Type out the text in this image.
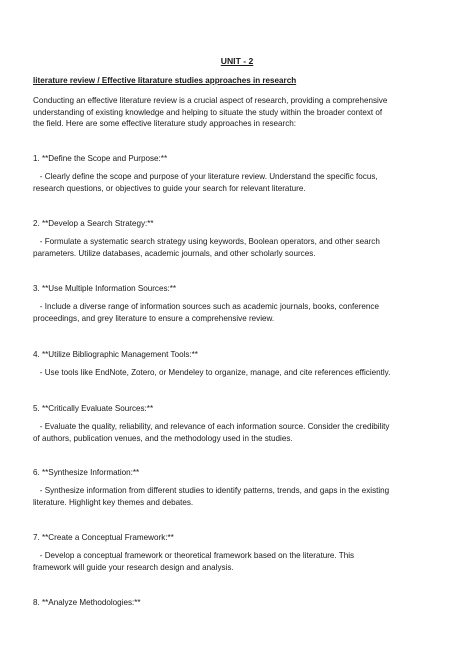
UNIT - 2

literature review / Effective litarature studies approaches in research

Conducting an effective literature review is a crucial aspect of research, providing a comprehensive
understanding of existing knowledge and helping to situate the study within the broader context of
the field. Here are some effective literature study approaches in research:

1. **Define the Scope and Purpose:**

- Clearly define the scope and purpose of your literature review. Understand the specific focus,
research questions, or objectives to guide your search for relevant literature.

2. **Develop a Search Strategy:**

- Formulate a systematic search strategy using keywords, Boolean operators, and other search
parameters. Utilize databases, academic journals, and other scholarly sources.

3. **Use Multiple Information Sources:**

- Include a diverse range of information sources such as academic journals, books, conference
proceedings, and grey literature to ensure a comprehensive review.

4. **Utilize Bibliographic Management Tools:**

- Use tools like EndNote, Zotero, or Mendeley to organize, manage, and cite references efficiently.

5. **Critically Evaluate Sources:**

- Evaluate the quality, reliability, and relevance of each information source. Consider the credibility
of authors, publication venues, and the methodology used in the studies.

6. **Synthesize Information:**

- Synthesize information from different studies to identify patterns, trends, and gaps in the existing
literature. Highlight key themes and debates.

7. **Create a Conceptual Framework:**

- Develop a conceptual framework or theoretical framework based on the literature. This
framework will guide your research design and analysis.

8. **Analyze Methodologies:**
